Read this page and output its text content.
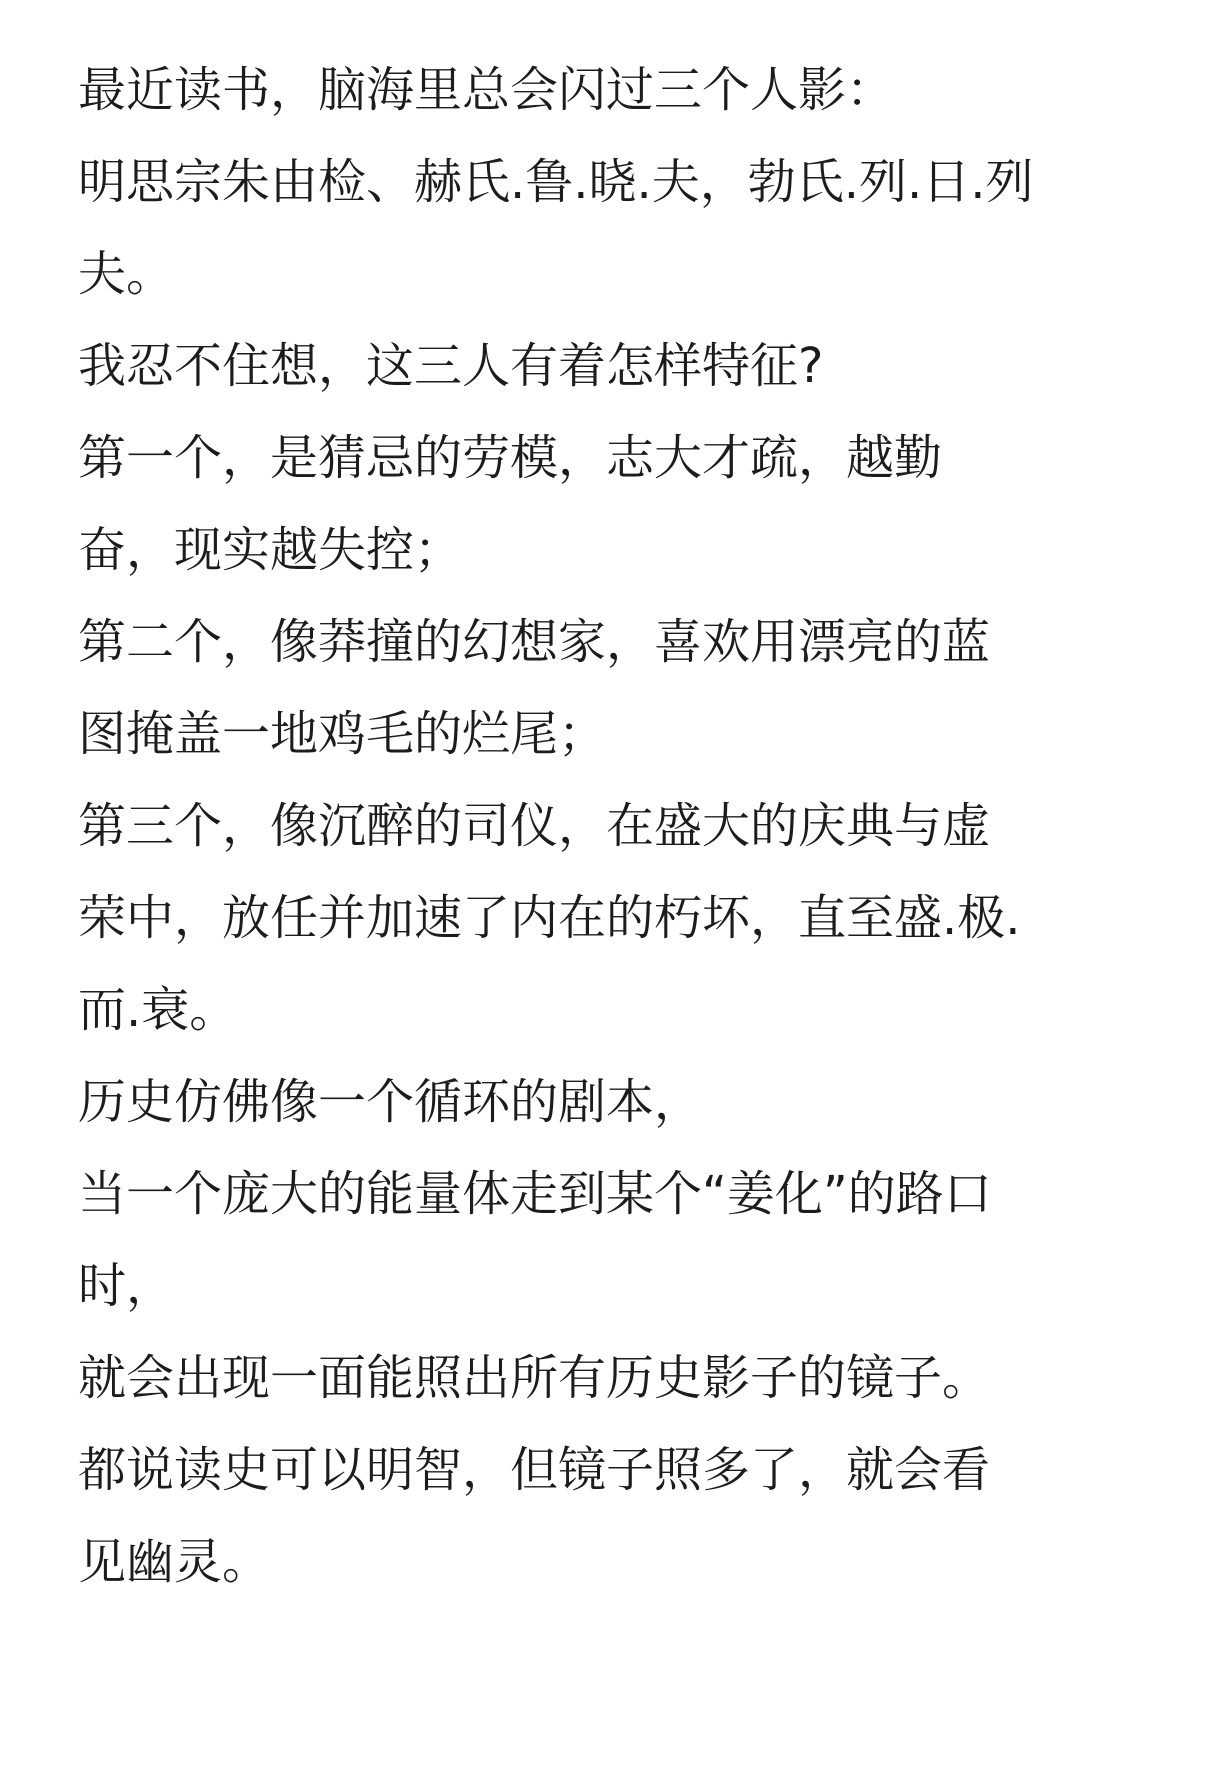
最近读书，脑海里总会闪过三个人影：
明思宗朱由检、赫氏.鲁.晓.夫，勃氏.列.日.列
夫。
我忍不住想，这三人有着怎样特征?
第一个，是猜忌的劳模，志大才疏，越勤
奋，现实越失控；
第二个，像莽撞的幻想家，喜欢用漂亮的蓝
图掩盖一地鸡毛的烂尾；
第三个，像沉醉的司仪，在盛大的庆典与虚
荣中，放任并加速了内在的朽坏，直至盛.极.
而.衰。
历史仿佛像一个循环的剧本，
当一个庞大的能量体走到某个“姜化”的路口
时，
就会出现一面能照出所有历史影子的镜子。
都说读史可以明智，但镜子照多了，就会看
见幽灵。
